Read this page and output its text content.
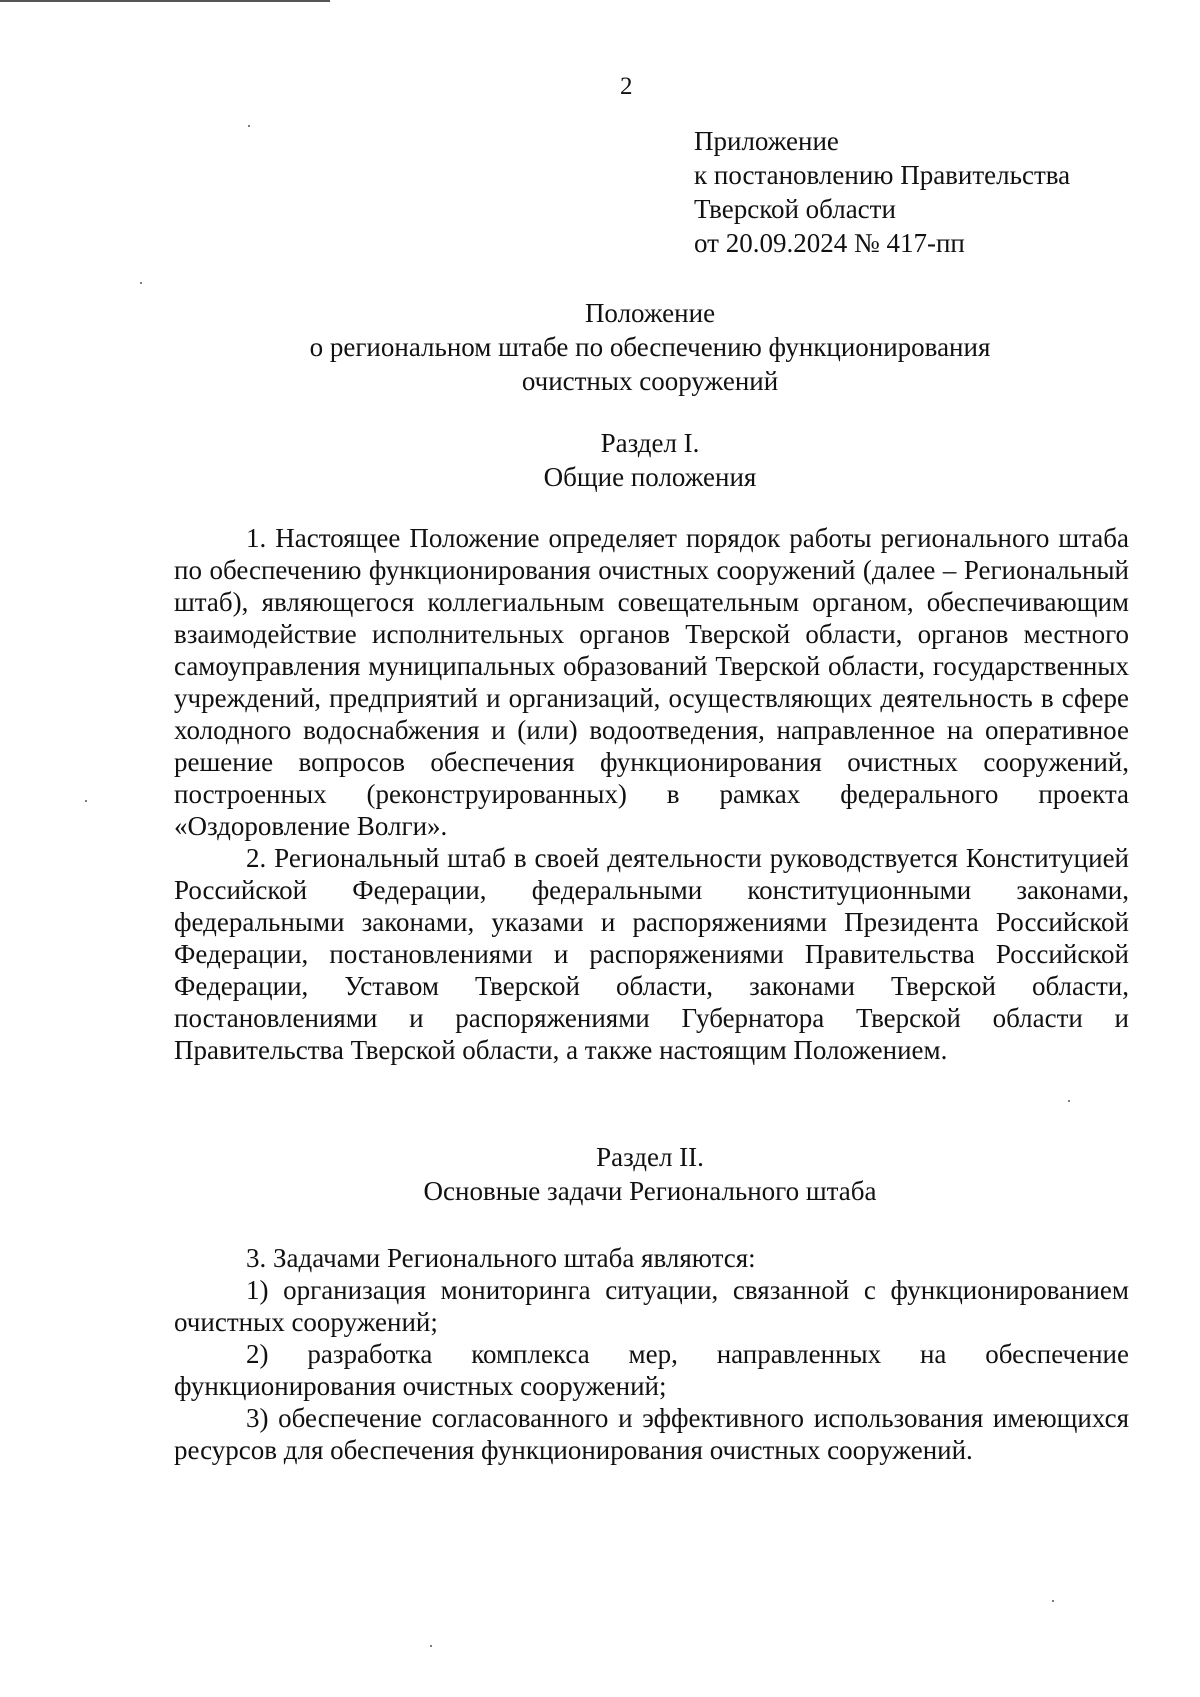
2
Приложение
к постановлению Правительства
Тверской области
от 20.09.2024 № 417-пп
Положение
о региональном штабе по обеспечению функционирования
очистных сооружений
Раздел I.
Общие положения

1. Настоящее Положение определяет порядок работы регионального штаба по обеспечению функционирования очистных сооружений (далее – Региональный штаб), являющегося коллегиальным совещательным органом, обеспечивающим взаимодействие исполнительных органов Тверской области, органов местного самоуправления муниципальных образований Тверской области, государственных учреждений, предприятий и организаций, осуществляющих деятельность в сфере холодного водоснабжения и (или) водоотведения, направленное на оперативное решение вопросов обеспечения функционирования очистных сооружений, построенных (реконструированных) в рамках федерального проекта «Оздоровление Волги».

2. Региональный штаб в своей деятельности руководствуется Конституцией Российской Федерации, федеральными конституционными законами, федеральными законами, указами и распоряжениями Президента Российской Федерации, постановлениями и распоряжениями Правительства Российской Федерации, Уставом Тверской области, законами Тверской области, постановлениями и распоряжениями Губернатора Тверской области и Правительства Тверской области, а также настоящим Положением.

Раздел II.
Основные задачи Регионального штаба

3. Задачами Регионального штаба являются:

1) организация мониторинга ситуации, связанной с функционированием очистных сооружений;

2) разработка комплекса мер, направленных на обеспечение функционирования очистных сооружений;

3) обеспечение согласованного и эффективного использования имеющихся ресурсов для обеспечения функционирования очистных сооружений.
